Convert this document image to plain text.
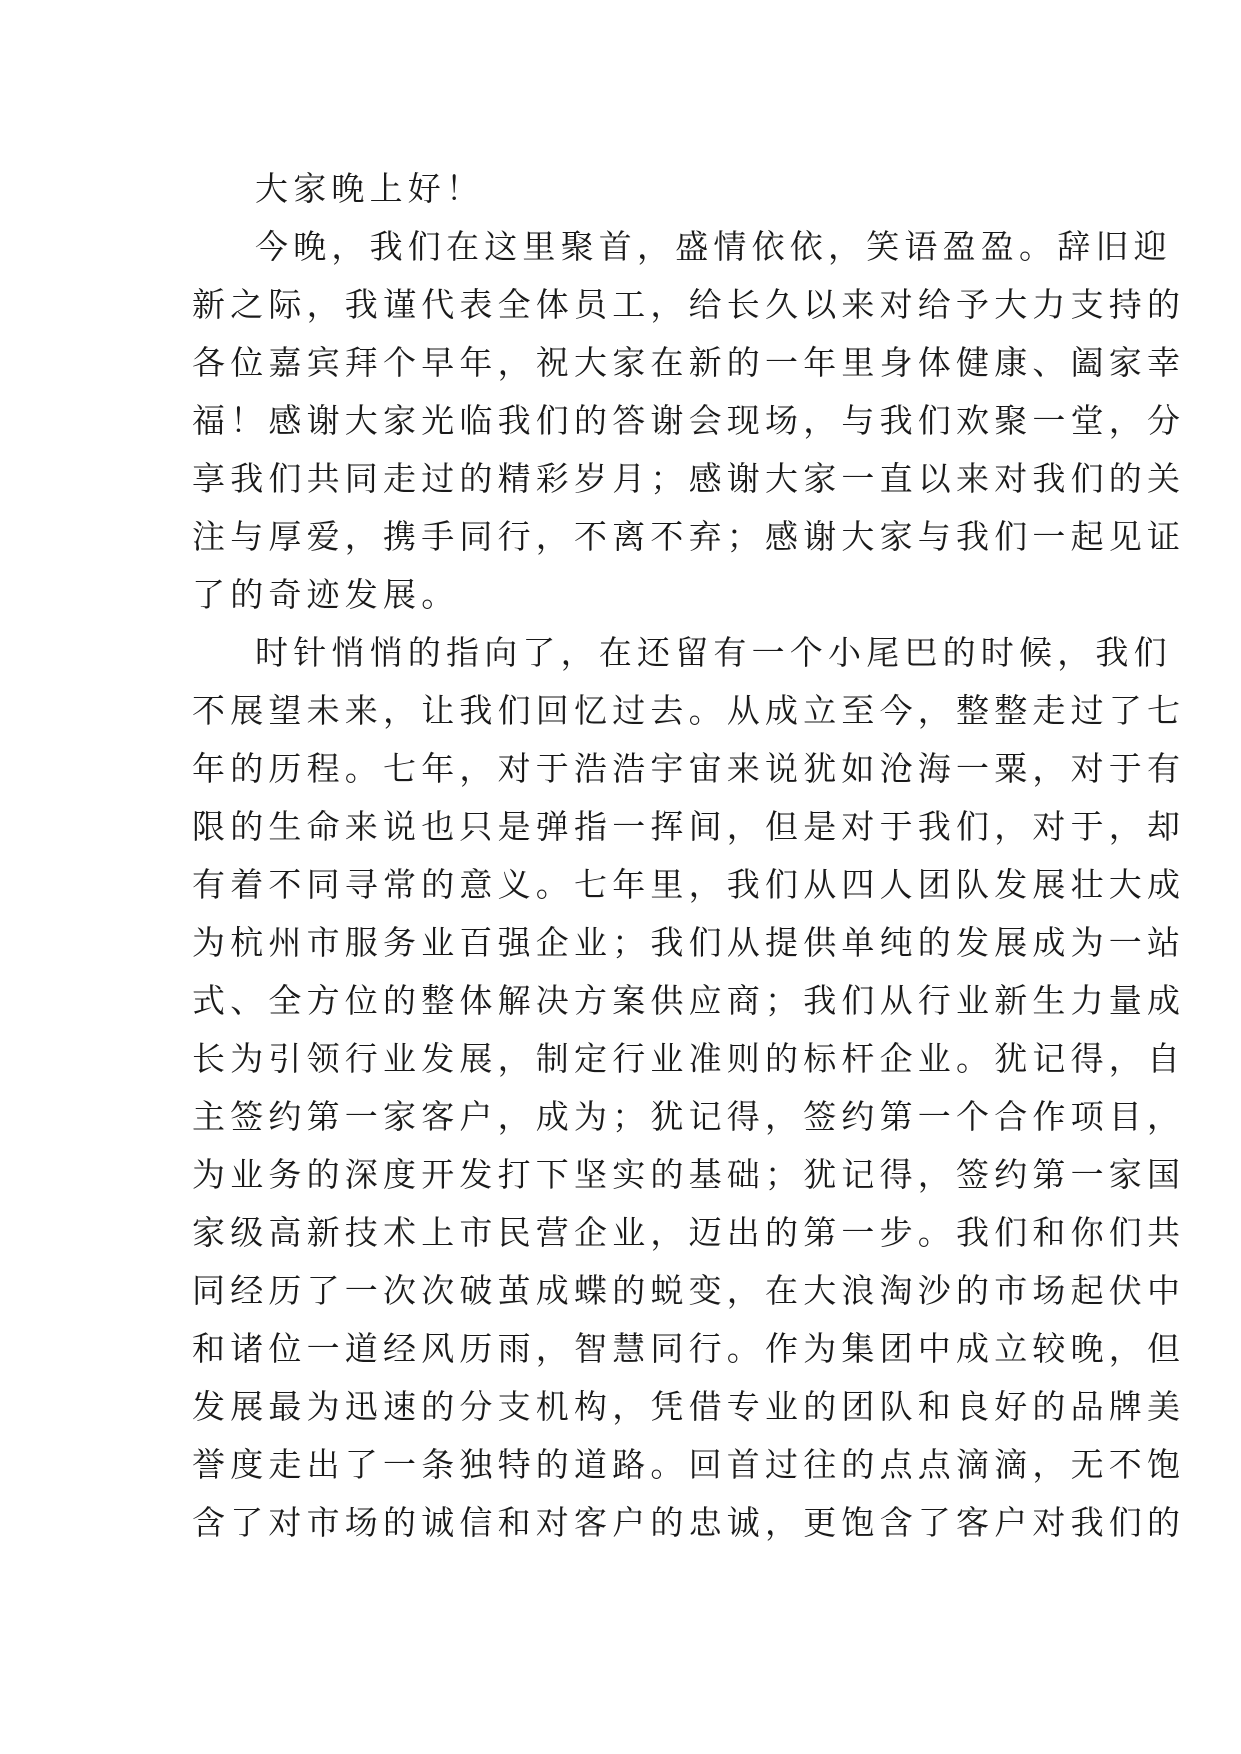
大家晚上好！
今晚，我们在这里聚首，盛情依依，笑语盈盈。辞旧迎
新之际，我谨代表全体员工，给长久以来对给予大力支持的
各位嘉宾拜个早年，祝大家在新的一年里身体健康、阖家幸
福！感谢大家光临我们的答谢会现场，与我们欢聚一堂，分
享我们共同走过的精彩岁月；感谢大家一直以来对我们的关
注与厚爱，携手同行，不离不弃；感谢大家与我们一起见证
了的奇迹发展。
时针悄悄的指向了，在还留有一个小尾巴的时候，我们
不展望未来，让我们回忆过去。从成立至今，整整走过了七
年的历程。七年，对于浩浩宇宙来说犹如沧海一粟，对于有
限的生命来说也只是弹指一挥间，但是对于我们，对于，却
有着不同寻常的意义。七年里，我们从四人团队发展壮大成
为杭州市服务业百强企业；我们从提供单纯的发展成为一站
式、全方位的整体解决方案供应商；我们从行业新生力量成
长为引领行业发展，制定行业准则的标杆企业。犹记得，自
主签约第一家客户，成为；犹记得，签约第一个合作项目，
为业务的深度开发打下坚实的基础；犹记得，签约第一家国
家级高新技术上市民营企业，迈出的第一步。我们和你们共
同经历了一次次破茧成蝶的蜕变，在大浪淘沙的市场起伏中
和诸位一道经风历雨，智慧同行。作为集团中成立较晚，但
发展最为迅速的分支机构，凭借专业的团队和良好的品牌美
誉度走出了一条独特的道路。回首过往的点点滴滴，无不饱
含了对市场的诚信和对客户的忠诚，更饱含了客户对我们的
